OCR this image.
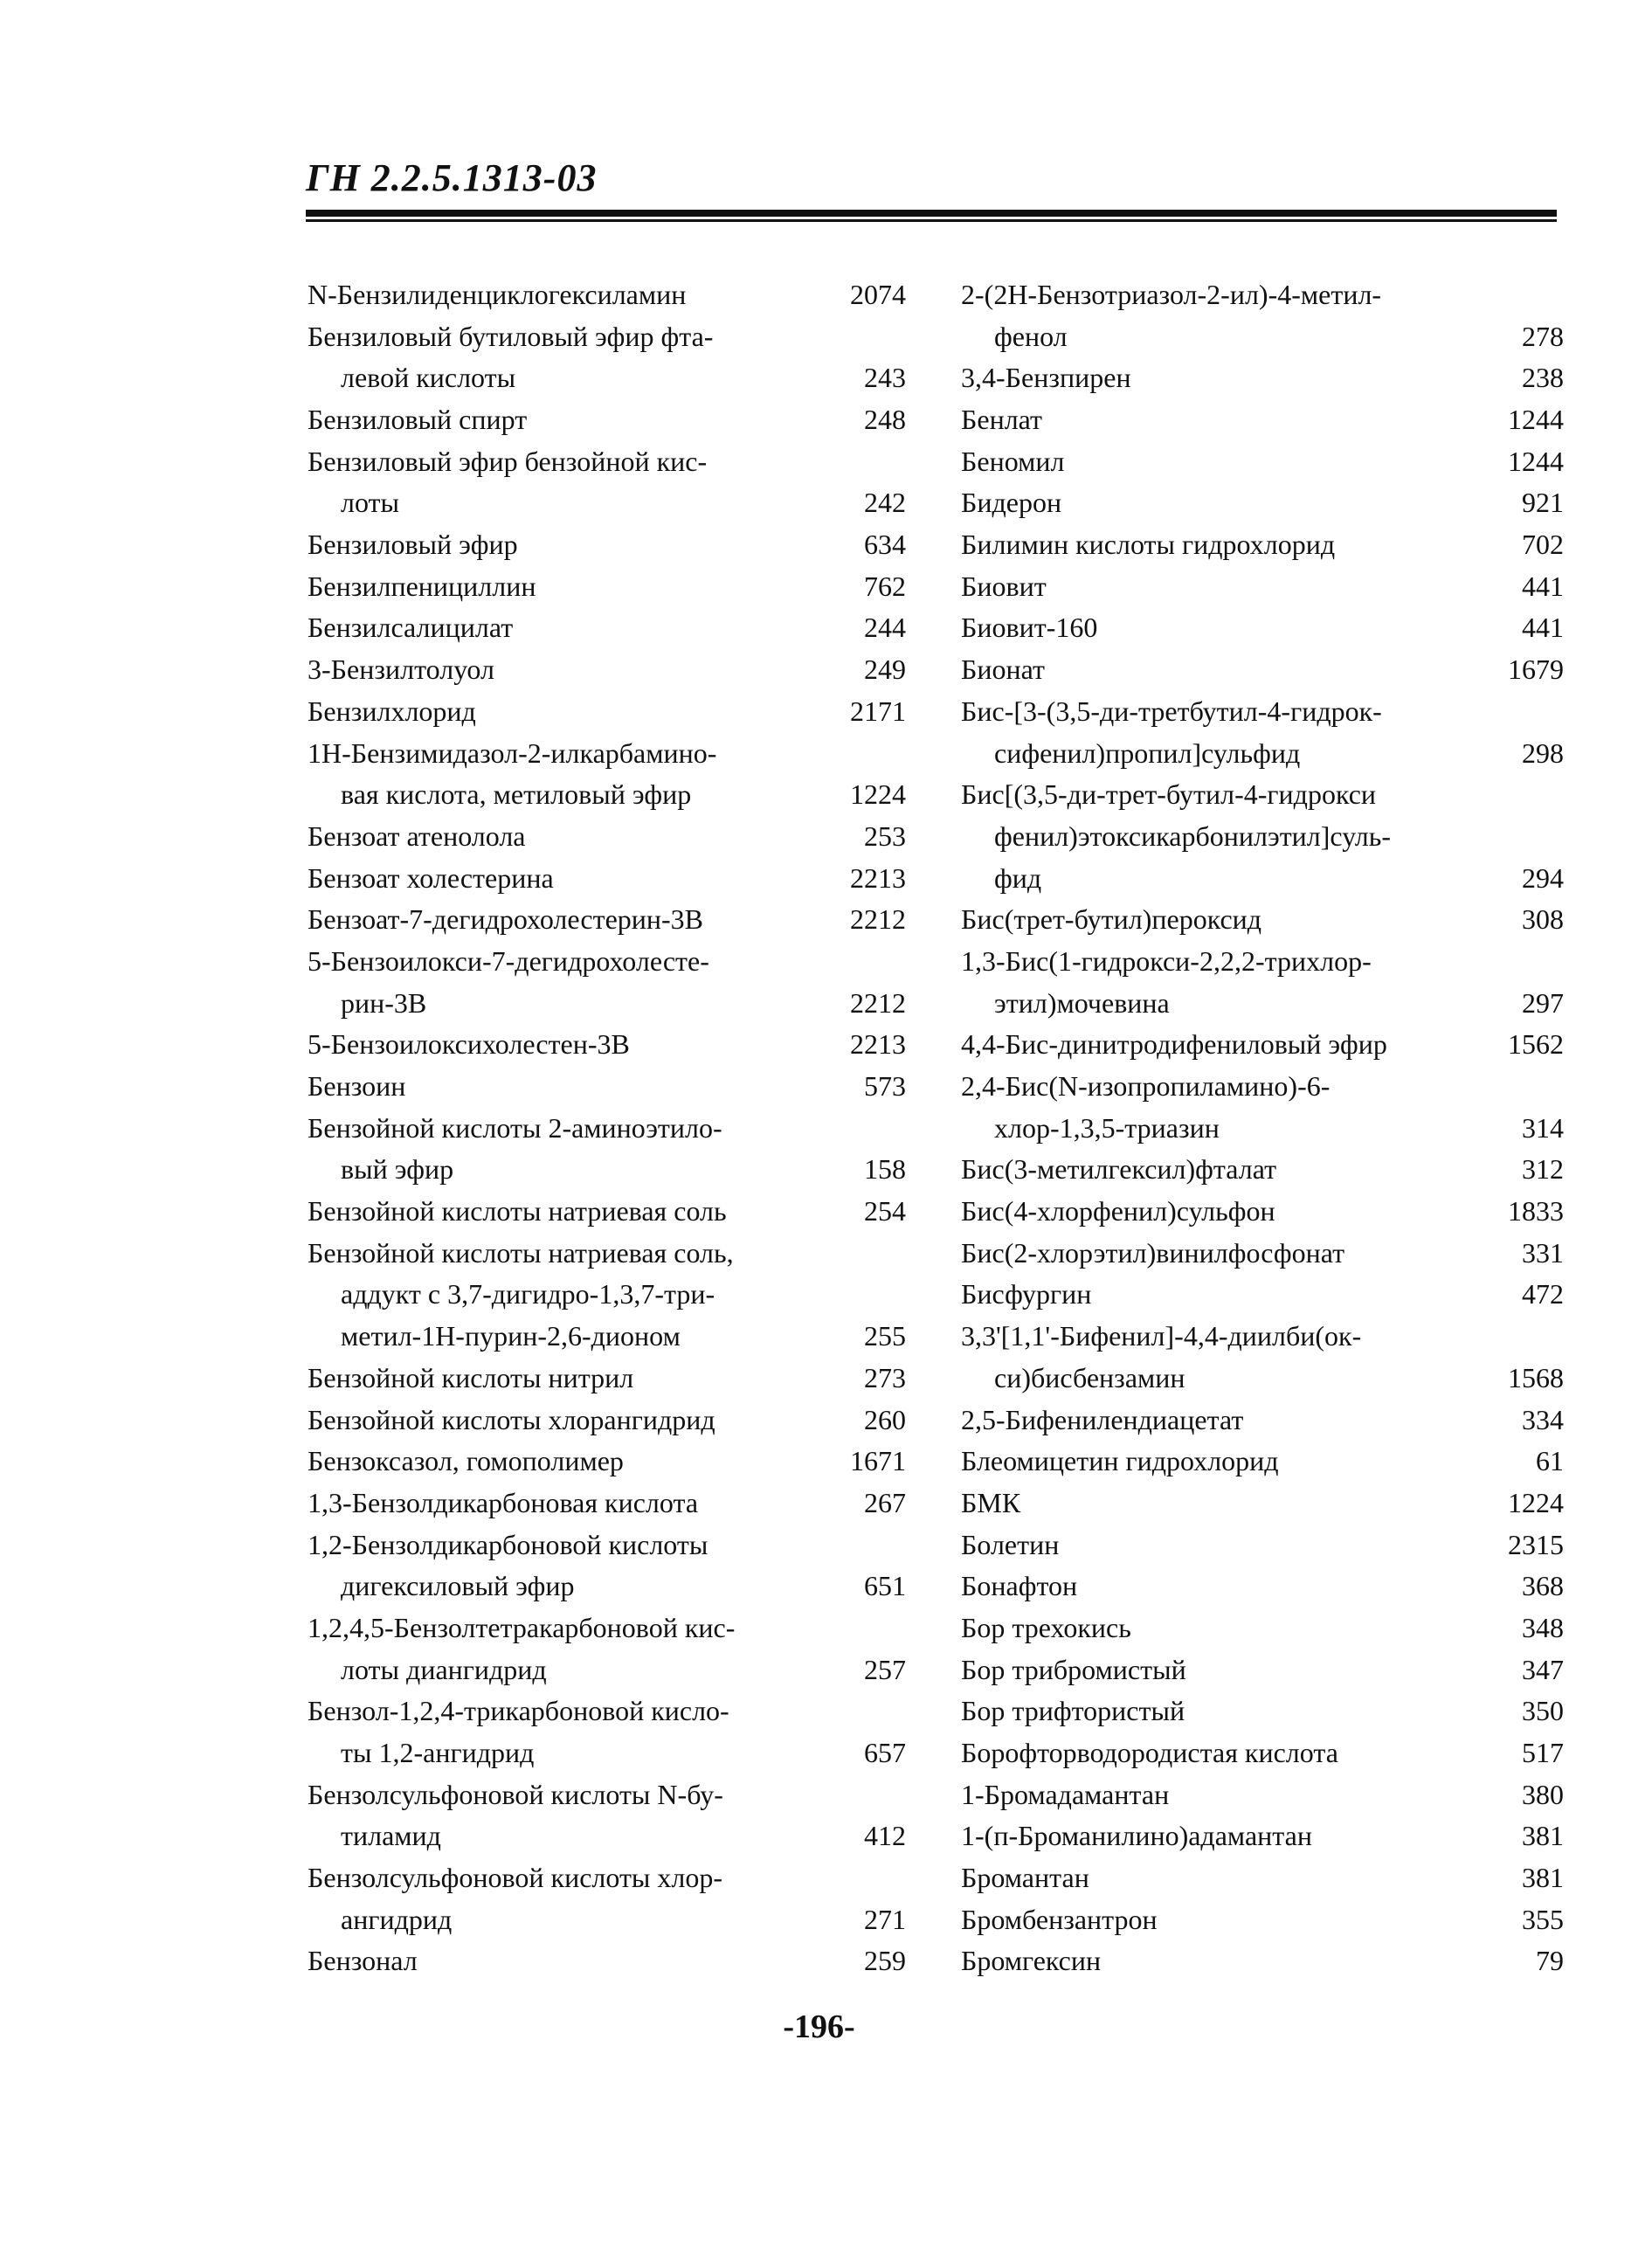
ГН 2.2.5.1313-03
N-Бензилиденциклогексиламин	2074
Бензиловый бутиловый эфир фта-
левой кислоты	243
Бензиловый спирт	248
Бензиловый эфир бензойной кис-
лоты	242
Бензиловый эфир	634
Бензилпенициллин	762
Бензилсалицилат	244
3-Бензилтолуол	249
Бензилхлорид	2171
1Н-Бензимидазол-2-илкарбамино-
вая кислота, метиловый эфир	1224
Бензоат атенолола	253
Бензоат холестерина	2213
Бензоат-7-дегидрохолестерин-3В	2212
5-Бензоилокси-7-дегидрохолесте-
рин-3В	2212
5-Бензоилоксихолестен-3В	2213
Бензоин	573
Бензойной кислоты 2-аминоэтило-
вый эфир	158
Бензойной кислоты натриевая соль	254
Бензойной кислоты натриевая соль,
аддукт с 3,7-дигидро-1,3,7-три-
метил-1Н-пурин-2,6-дионом	255
Бензойной кислоты нитрил	273
Бензойной кислоты хлорангидрид	260
Бензоксазол, гомополимер	1671
1,3-Бензолдикарбоновая кислота	267
1,2-Бензолдикарбоновой кислоты
дигексиловый эфир	651
1,2,4,5-Бензолтетракарбоновой кис-
лоты диангидрид	257
Бензол-1,2,4-трикарбоновой кисло-
ты 1,2-ангидрид	657
Бензолсульфоновой кислоты N-бу-
тиламид	412
Бензолсульфоновой кислоты хлор-
ангидрид	271
Бензонал	259
2-(2Н-Бензотриазол-2-ил)-4-метил-
фенол	278
3,4-Бензпирен	238
Бенлат	1244
Беномил	1244
Бидерон	921
Билимин кислоты гидрохлорид	702
Биовит	441
Биовит-160	441
Бионат	1679
Бис-[3-(3,5-ди-третбутил-4-гидрок-
сифенил)пропил]сульфид	298
Бис[(3,5-ди-трет-бутил-4-гидрокси
фенил)этоксикарбонилэтил]суль-
фид	294
Бис(трет-бутил)пероксид	308
1,3-Бис(1-гидрокси-2,2,2-трихлор-
этил)мочевина	297
4,4-Бис-динитродифениловый эфир	1562
2,4-Бис(N-изопропиламино)-6-
хлор-1,3,5-триазин	314
Бис(3-метилгексил)фталат	312
Бис(4-хлорфенил)сульфон	1833
Бис(2-хлорэтил)винилфосфонат	331
Бисфургин	472
3,3'[1,1'-Бифенил]-4,4-диилби(ок-
си)бисбензамин	1568
2,5-Бифенилендиацетат	334
Блеомицетин гидрохлорид	61
БМК	1224
Болетин	2315
Бонафтон	368
Бор трехокись	348
Бор трибромистый	347
Бор трифтористый	350
Борофторводородистая кислота	517
1-Бромадамантан	380
1-(п-Броманилино)адамантан	381
Бромантан	381
Бромбензантрон	355
Бромгексин	79
-196-
